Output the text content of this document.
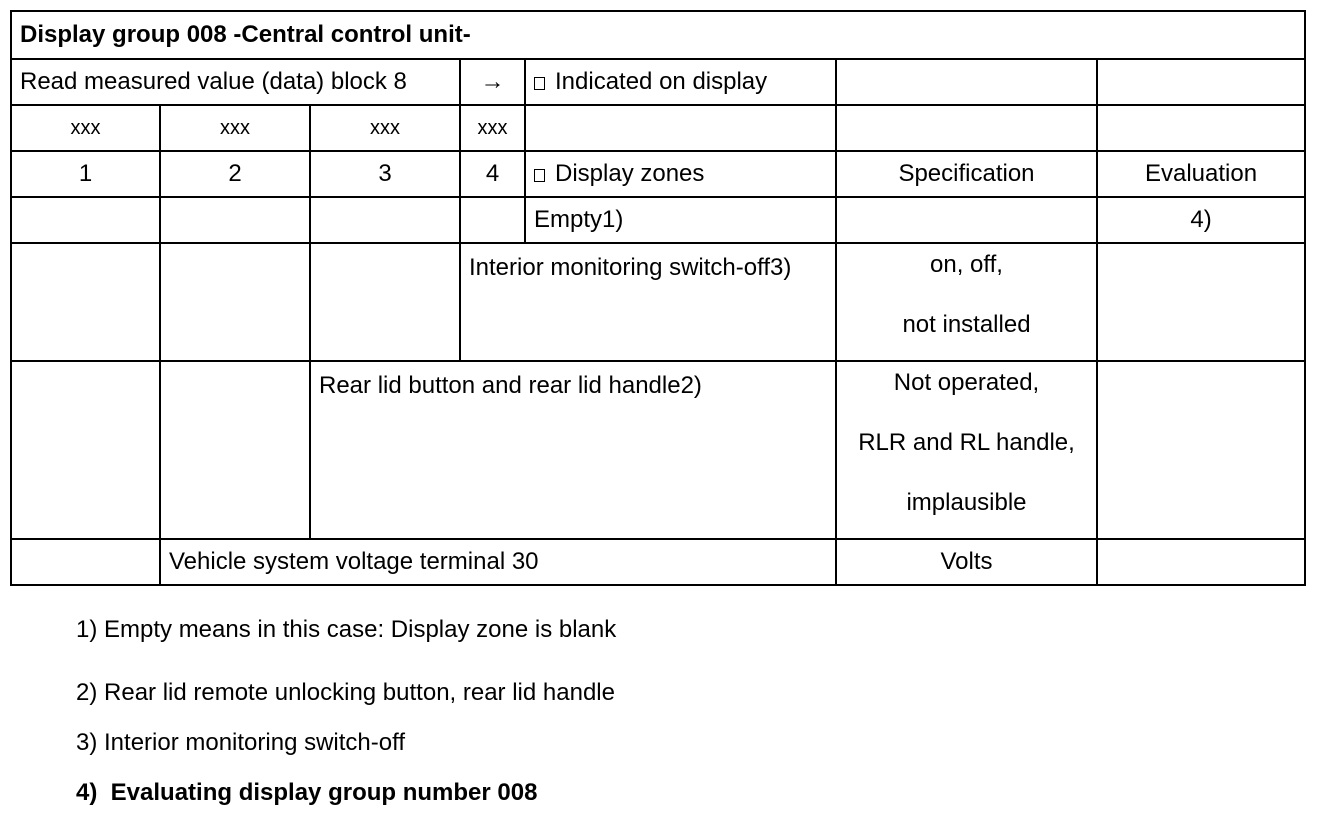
Display group 008 -Central control unit-						
Read measured value (data) block 8			→	Indicated on display		
xxx	xxx	xxx	xxx			
1	2	3	4	Display zones	Specification	Evaluation
				Empty1)		4)
			Interior monitoring switch-off3)		on, off,
not installed	

		Rear lid button and rear lid handle2)			Not operated,
RLR and RL handle,
implausible	

	Vehicle system voltage terminal 30				Volts	
1) Empty means in this case: Display zone is blank
2) Rear lid remote unlocking button, rear lid handle
3) Interior monitoring switch-off
4)  Evaluating display group number 008
